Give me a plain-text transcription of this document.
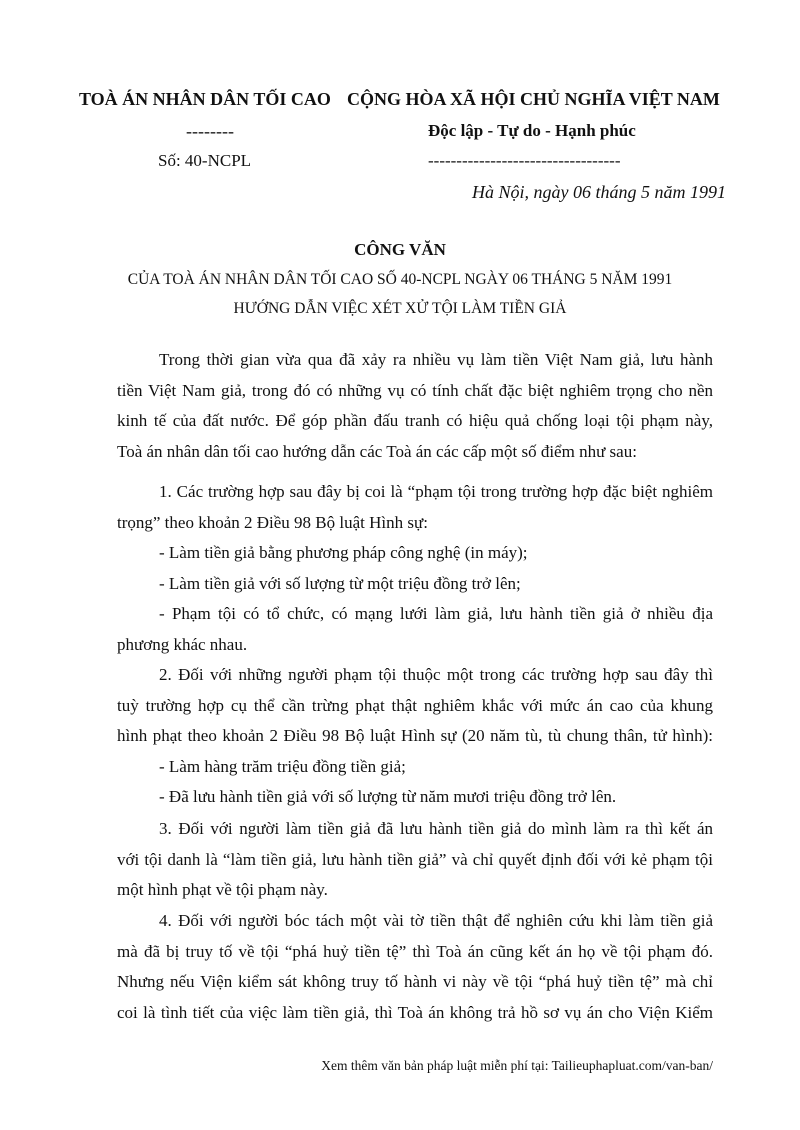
TOÀ ÁN NHÂN DÂN TỐI CAO
--------
Số: 40-NCPL
CỘNG HÒA XÃ HỘI CHỦ NGHĨA VIỆT NAM
Độc lập - Tự do - Hạnh phúc
----------------------------------
Hà Nội, ngày 06 tháng 5 năm 1991
CÔNG VĂN
CỦA TOÀ ÁN NHÂN DÂN TỐI CAO SỐ 40-NCPL NGÀY 06 THÁNG 5 NĂM 1991
HƯỚNG DẪN VIỆC XÉT XỬ TỘI LÀM TIỀN GIẢ
Trong thời gian vừa qua đã xảy ra nhiều vụ làm tiền Việt Nam giả, lưu hành
tiền Việt Nam giả, trong đó có những vụ có tính chất đặc biệt nghiêm trọng cho nền
kinh tế của đất nước. Để góp phần đấu tranh có hiệu quả chống loại tội phạm này,
Toà án nhân dân tối cao hướng dẫn các Toà án các cấp một số điểm như sau:
1. Các trường hợp sau đây bị coi là “phạm tội trong trường hợp đặc biệt nghiêm
trọng” theo khoản 2 Điều 98 Bộ luật Hình sự:
- Làm tiền giả bằng phương pháp công nghệ (in máy);
- Làm tiền giả với số lượng từ một triệu đồng trở lên;
- Phạm tội có tổ chức, có mạng lưới làm giả, lưu hành tiền giả ở nhiều địa
phương khác nhau.
2. Đối với những người phạm tội thuộc một trong các trường hợp sau đây thì
tuỳ trường hợp cụ thể cần trừng phạt thật nghiêm khắc với mức án cao của khung
hình phạt theo khoản 2 Điều 98 Bộ luật Hình sự (20 năm tù, tù chung thân, tử hình):
- Làm hàng trăm triệu đồng tiền giả;
- Đã lưu hành tiền giả với số lượng từ năm mươi triệu đồng trở lên.
3. Đối với người làm tiền giả đã lưu hành tiền giả do mình làm ra thì kết án
với tội danh là “làm tiền giả, lưu hành tiền giả” và chỉ quyết định đối với kẻ phạm tội
một hình phạt về tội phạm này.
4. Đối với người bóc tách một vài tờ tiền thật để nghiên cứu khi làm tiền giả
mà đã bị truy tố về tội “phá huỷ tiền tệ” thì Toà án cũng kết án họ về tội phạm đó.
Nhưng nếu Viện kiểm sát không truy tố hành vi này về tội “phá huỷ tiền tệ” mà chỉ
coi là tình tiết của việc làm tiền giả, thì Toà án không trả hồ sơ vụ án cho Viện Kiểm
Xem thêm văn bản pháp luật miễn phí tại: Tailieuphapluat.com/van-ban/
